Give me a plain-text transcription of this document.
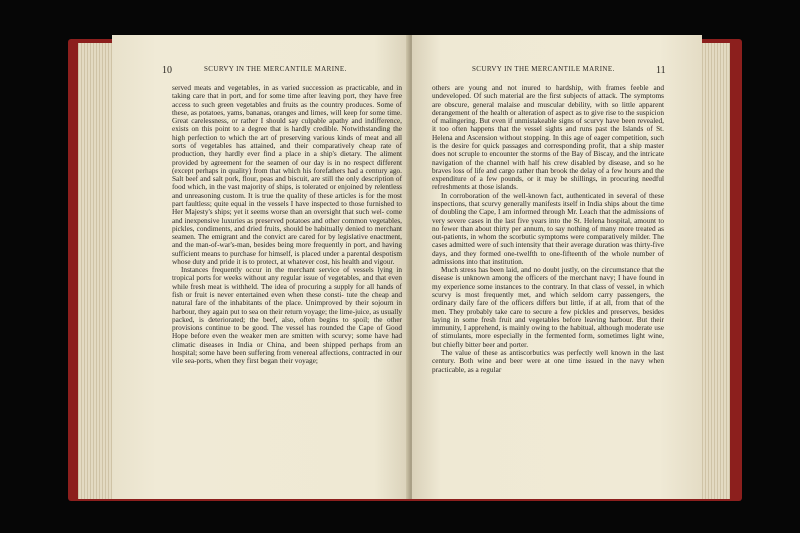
10	SCURVY IN THE MERCANTILE MARINE.

served meats and vegetables, in as varied succession as practicable, and in taking care that in port, and for some time after leaving port, they have free access to such green vegetables and fruits as the country produces. Some of these, as potatoes, yams, bananas, oranges and limes, will keep for some time. Great carelessness, or rather I should say culpable apathy and indifference, exists on this point to a degree that is hardly credible. Notwithstanding the high perfection to which the art of preserving various kinds of meat and all sorts of vegetables has attained, and their comparatively cheap rate of production, they hardly ever find a place in a ship's dietary. The aliment provided by agreement for the seamen of our day is in no respect different (except perhaps in quality) from that which his forefathers had a century ago. Salt beef and salt pork, flour, peas and biscuit, are still the only description of food which, in the vast majority of ships, is tolerated or enjoined by relentless and unreasoning custom. It is true the quality of these articles is for the most part faultless; quite equal in the vessels I have inspected to those furnished to Her Majesty's ships; yet it seems worse than an oversight that such wel- come and inexpensive luxuries as preserved potatoes and other common vegetables, pickles, condiments, and dried fruits, should be habitually denied to merchant seamen. The emigrant and the convict are cared for by legislative enactment, and the man-of-war's-man, besides being more frequently in port, and having sufficient means to purchase for himself, is placed under a parental despotism whose duty and pride it is to protect, at whatever cost, his health and vigour.

Instances frequently occur in the merchant service of vessels lying in tropical ports for weeks without any regular issue of vegetables, and that even while fresh meat is withheld. The idea of procuring a supply for all hands of fish or fruit is never entertained even when these consti- tute the cheap and natural fare of the inhabitants of the place. Unimproved by their sojourn in harbour, they again put to sea on their return voyage; the lime-juice, as usually packed, is deteriorated; the beef, also, often begins to spoil; the other provisions continue to be good. The vessel has rounded the Cape of Good Hope before even the weaker men are smitten with scurvy; some have had climatic diseases in India or China, and been shipped perhaps from an hospital; some have been suffering from venereal affections, contracted in our vile sea-ports, when they first began their voyage;

SCURVY IN THE MERCANTILE MARINE.	11

others are young and not inured to hardship, with frames feeble and undeveloped. Of such material are the first subjects of attack. The symptoms are obscure, general malaise and muscular debility, with so little apparent derangement of the health or alteration of aspect as to give rise to the suspicion of malingering. But even if unmistakeable signs of scurvy have been revealed, it too often happens that the vessel sights and runs past the Islands of St. Helena and Ascension without stopping. In this age of eager competition, such is the desire for quick passages and corresponding profit, that a ship master does not scruple to encounter the storms of the Bay of Biscay, and the intricate navigation of the channel with half his crew disabled by disease, and so he braves loss of life and cargo rather than brook the delay of a few hours and the expenditure of a few pounds, or it may be shillings, in procuring needful refreshments at those islands.

In corroboration of the well-known fact, authenticated in several of these inspections, that scurvy generally manifests itself in India ships about the time of doubling the Cape, I am informed through Mr. Leach that the admissions of very severe cases in the last five years into the St. Helena hospital, amount to no fewer than about thirty per annum, to say nothing of many more treated as out-patients, in whom the scorbutic symptoms were comparatively milder. The cases admitted were of such intensity that their average duration was thirty-five days, and they formed one-twelfth to one-fifteenth of the whole number of admissions into that institution.

Much stress has been laid, and no doubt justly, on the circumstance that the disease is unknown among the officers of the merchant navy; I have found in my experience some instances to the contrary. In that class of vessel, in which scurvy is most frequently met, and which seldom carry passengers, the ordinary daily fare of the officers differs but little, if at all, from that of the men. They probably take care to secure a few pickles and preserves, besides laying in some fresh fruit and vegetables before leaving harbour. But their immunity, I apprehend, is mainly owing to the habitual, although moderate use of stimulants, more especially in the fermented form, sometimes light wine, but chiefly bitter beer and porter.

The value of these as antiscorbutics was perfectly well known in the last century. Both wine and beer were at one time issued in the navy when practicable, as a regular
